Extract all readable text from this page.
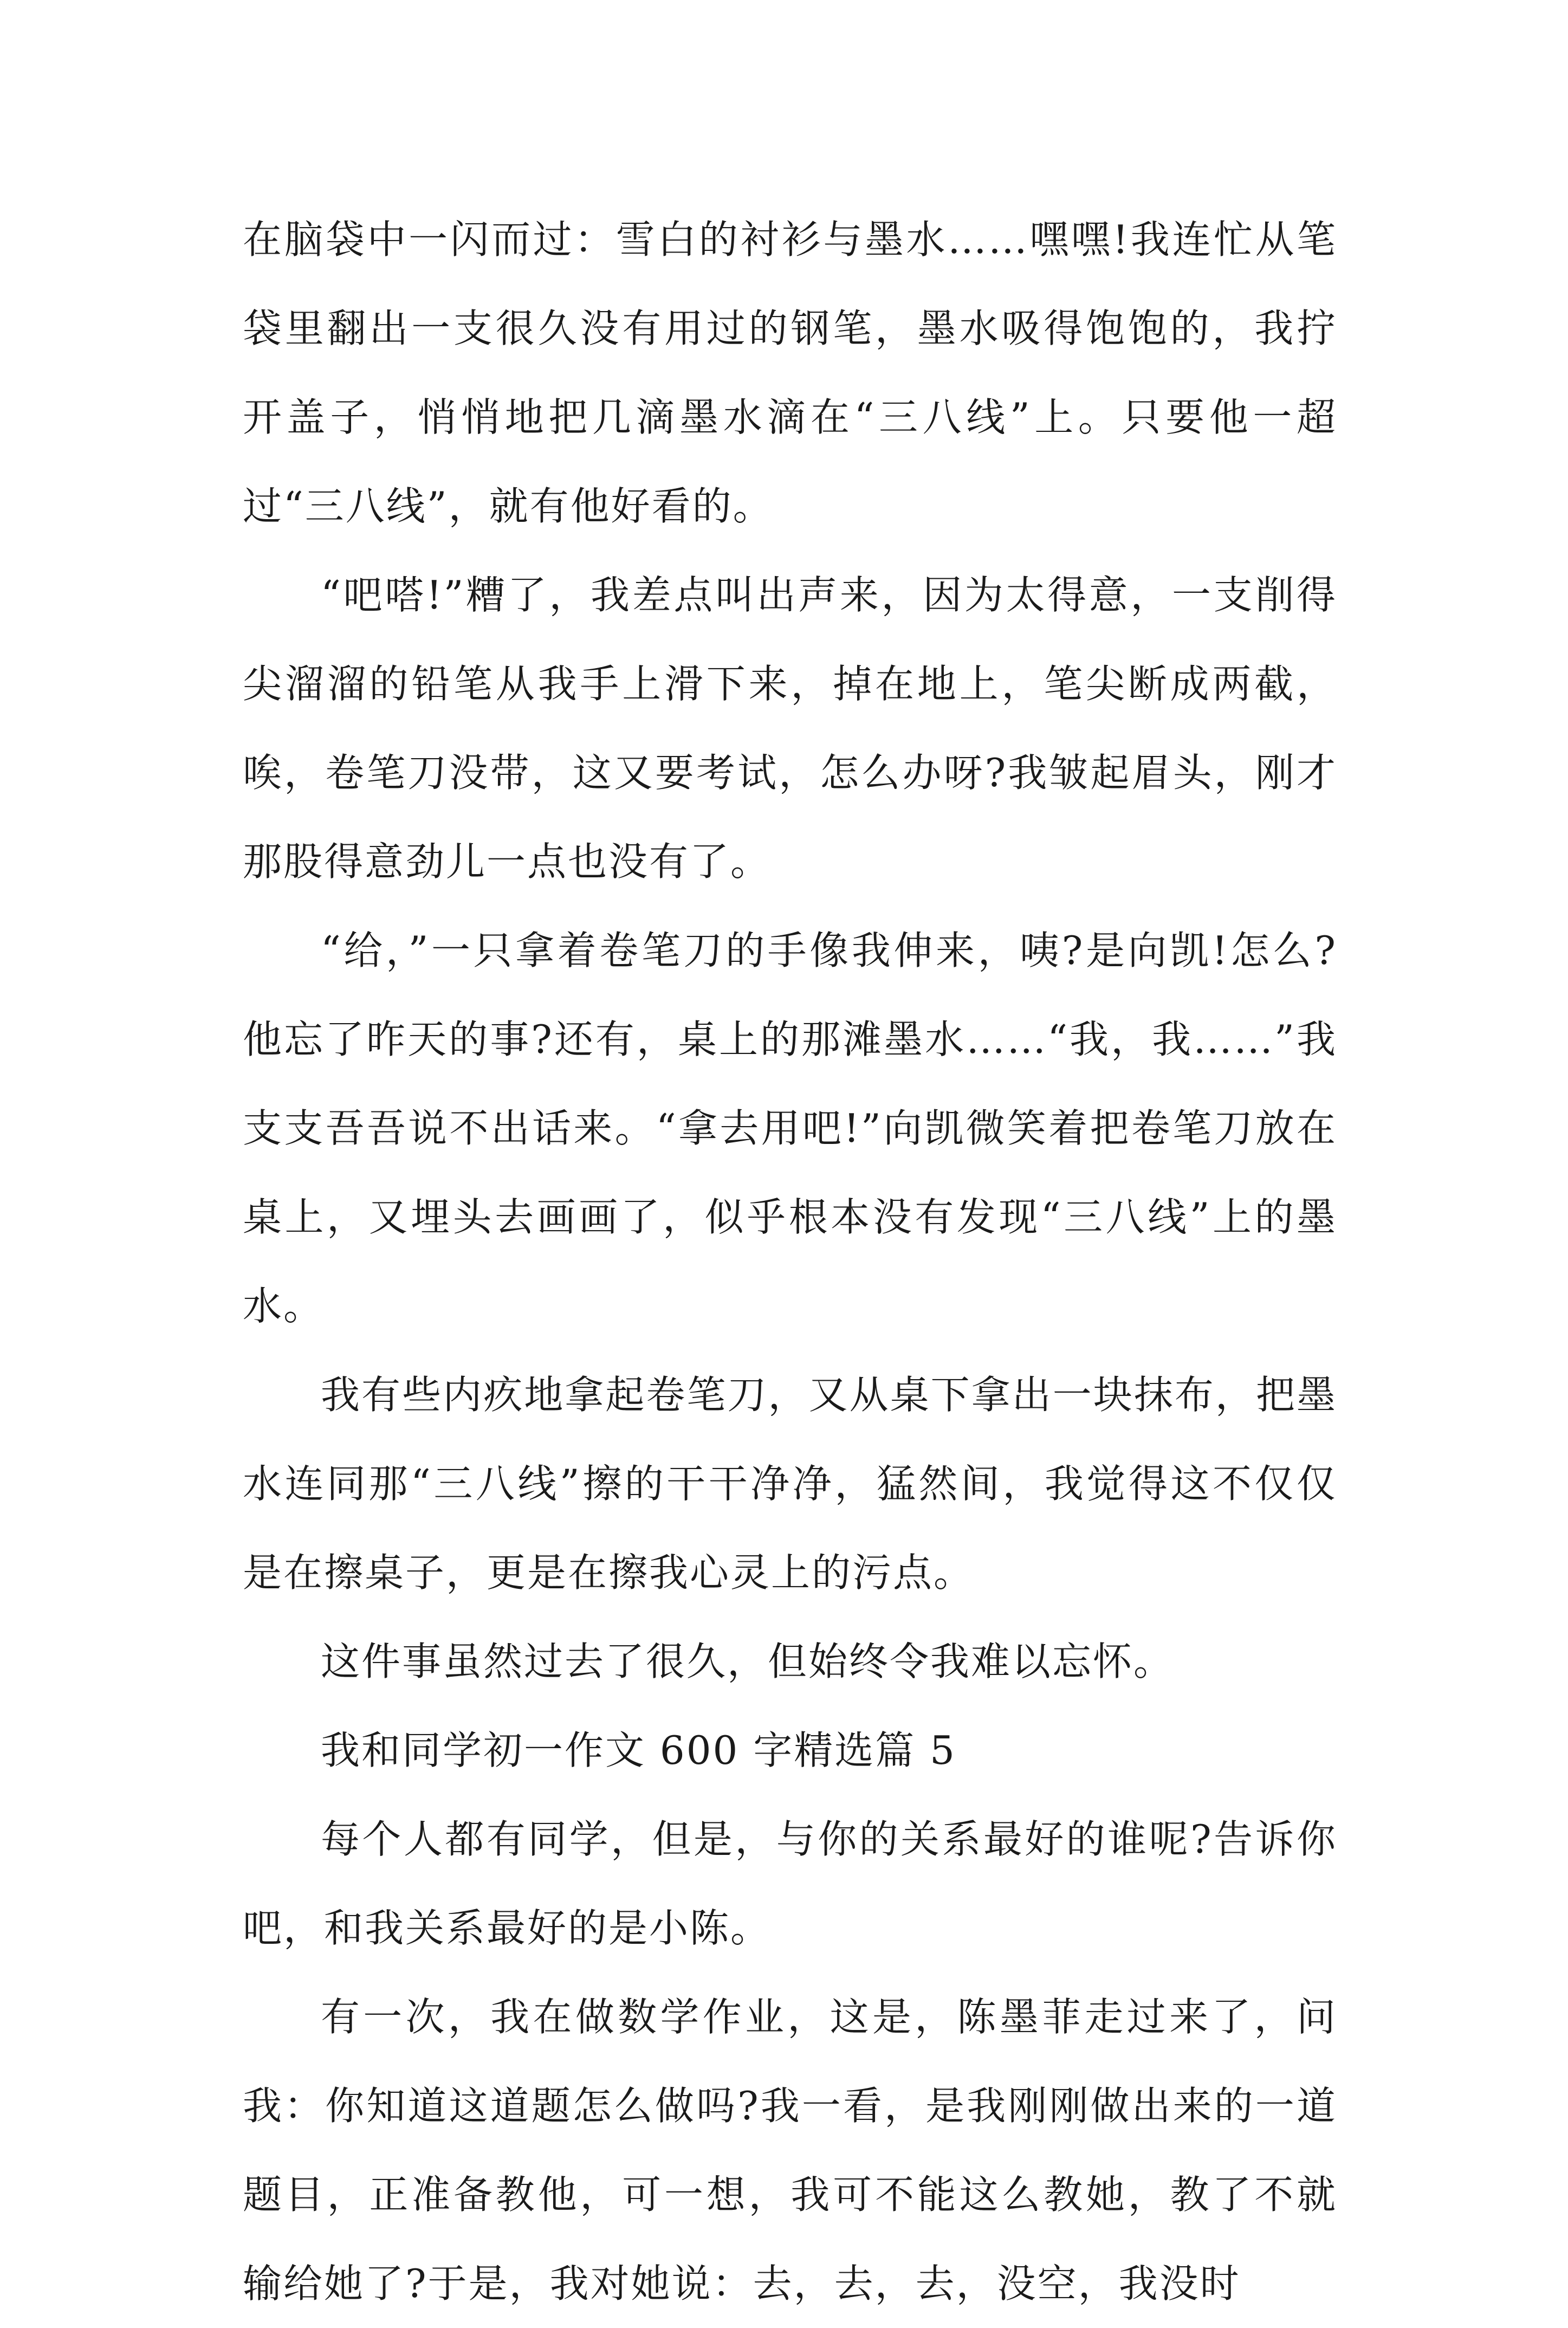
在脑袋中一闪而过：雪白的衬衫与墨水……嘿嘿!我连忙从笔袋里翻出一支很久没有用过的钢笔，墨水吸得饱饱的，我拧开盖子，悄悄地把几滴墨水滴在“三八线”上。只要他一超过“三八线”，就有他好看的。

“吧嗒!”糟了，我差点叫出声来，因为太得意，一支削得尖溜溜的铅笔从我手上滑下来，掉在地上，笔尖断成两截，唉，卷笔刀没带，这又要考试，怎么办呀?我皱起眉头，刚才那股得意劲儿一点也没有了。

“给，”一只拿着卷笔刀的手像我伸来，咦?是向凯!怎么?他忘了昨天的事?还有，桌上的那滩墨水……“我，我……”我支支吾吾说不出话来。“拿去用吧!”向凯微笑着把卷笔刀放在桌上，又埋头去画画了，似乎根本没有发现“三八线”上的墨水。

我有些内疚地拿起卷笔刀，又从桌下拿出一块抹布，把墨水连同那“三八线”擦的干干净净，猛然间，我觉得这不仅仅是在擦桌子，更是在擦我心灵上的污点。

这件事虽然过去了很久，但始终令我难以忘怀。

我和同学初一作文 600 字精选篇 5

每个人都有同学，但是，与你的关系最好的谁呢?告诉你吧，和我关系最好的是小陈。

有一次，我在做数学作业，这是，陈墨菲走过来了，问我：你知道这道题怎么做吗?我一看，是我刚刚做出来的一道题目，正准备教他，可一想，我可不能这么教她，教了不就输给她了?于是，我对她说：去，去，去，没空，我没时
